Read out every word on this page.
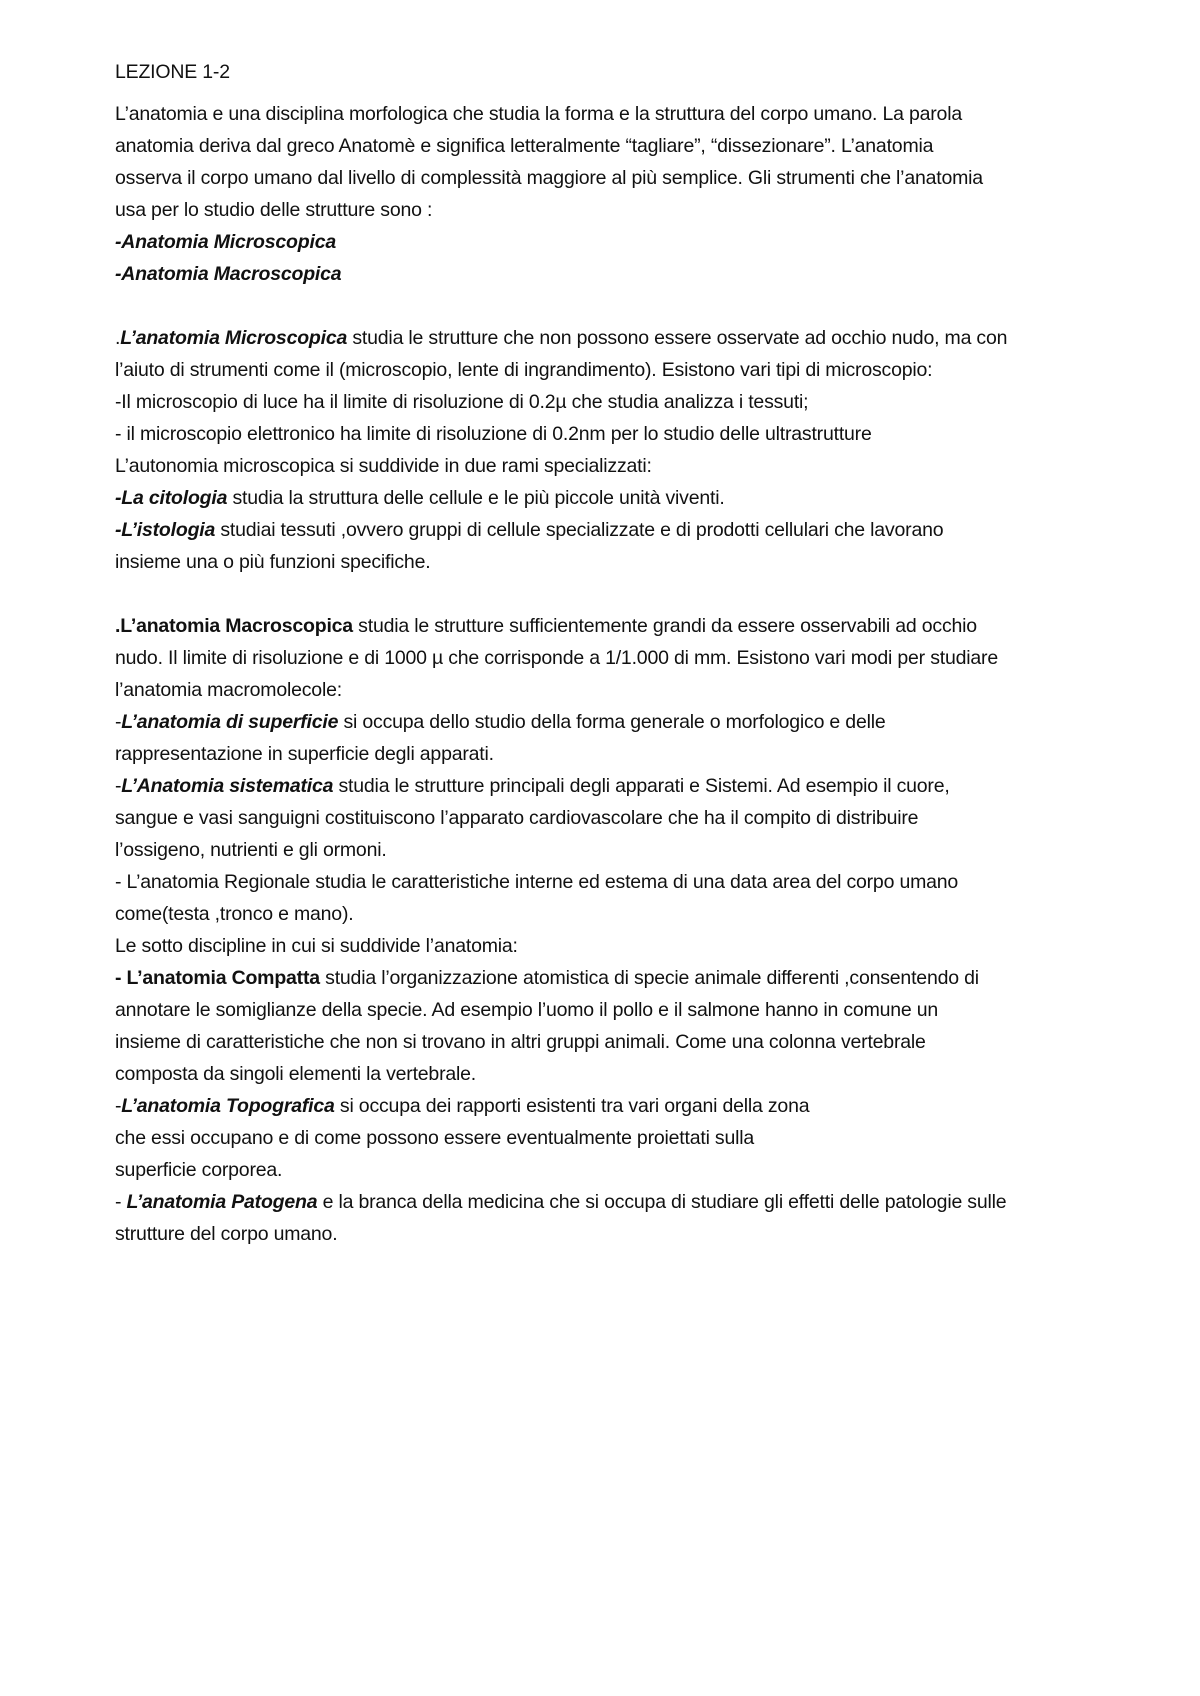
LEZIONE 1-2
L’anatomia e una disciplina morfologica che studia la forma e la struttura del corpo umano. La parola
anatomia deriva dal greco Anatomè e significa letteralmente “tagliare”, “dissezionare”. L’anatomia
osserva il corpo umano dal livello di complessità maggiore al più semplice. Gli strumenti che l’anatomia
usa per lo studio delle strutture sono :
-Anatomia Microscopica
-Anatomia Macroscopica
.L’anatomia Microscopica studia le strutture che non possono essere osservate ad occhio nudo, ma con
l’aiuto di strumenti come il (microscopio, lente di ingrandimento). Esistono vari tipi di microscopio:
-Il microscopio di luce ha il limite di risoluzione di 0.2µ che studia analizza i tessuti;
- il microscopio elettronico ha limite di risoluzione di 0.2nm per lo studio delle ultrastrutture
L’autonomia microscopica si suddivide in due rami specializzati:
-La citologia studia la struttura delle cellule e le più piccole unità viventi.
-L’istologia studiai tessuti ,ovvero gruppi di cellule specializzate e di prodotti cellulari che lavorano
insieme una o più funzioni specifiche.
.L’anatomia Macroscopica studia le strutture sufficientemente grandi da essere osservabili ad occhio
nudo. Il limite di risoluzione e di 1000 µ che corrisponde a 1/1.000 di mm. Esistono vari modi per studiare
l’anatomia macromolecole:
-L’anatomia di superficie si occupa dello studio della forma generale o morfologico e delle
rappresentazione in superficie degli apparati.
-L’Anatomia sistematica studia le strutture principali degli apparati e Sistemi. Ad esempio il cuore,
sangue e vasi sanguigni costituiscono l’apparato cardiovascolare che ha il compito di distribuire
l’ossigeno, nutrienti e gli ormoni.
- L’anatomia Regionale studia le caratteristiche interne ed estema di una data area del corpo umano
come(testa ,tronco e mano).
Le sotto discipline in cui si suddivide l’anatomia:
- L’anatomia Compatta studia l’organizzazione atomistica di specie animale differenti ,consentendo di
annotare le somiglianze della specie. Ad esempio l’uomo il pollo e il salmone hanno in comune un
insieme di caratteristiche che non si trovano in altri gruppi animali. Come una colonna vertebrale
composta da singoli elementi la vertebrale.
-L’anatomia Topografica si occupa dei rapporti esistenti tra vari organi della zona
che essi occupano e di come possono essere eventualmente proiettati sulla
superficie corporea.
- L’anatomia Patogena e la branca della medicina che si occupa di studiare gli effetti delle patologie sulle
strutture del corpo umano.
